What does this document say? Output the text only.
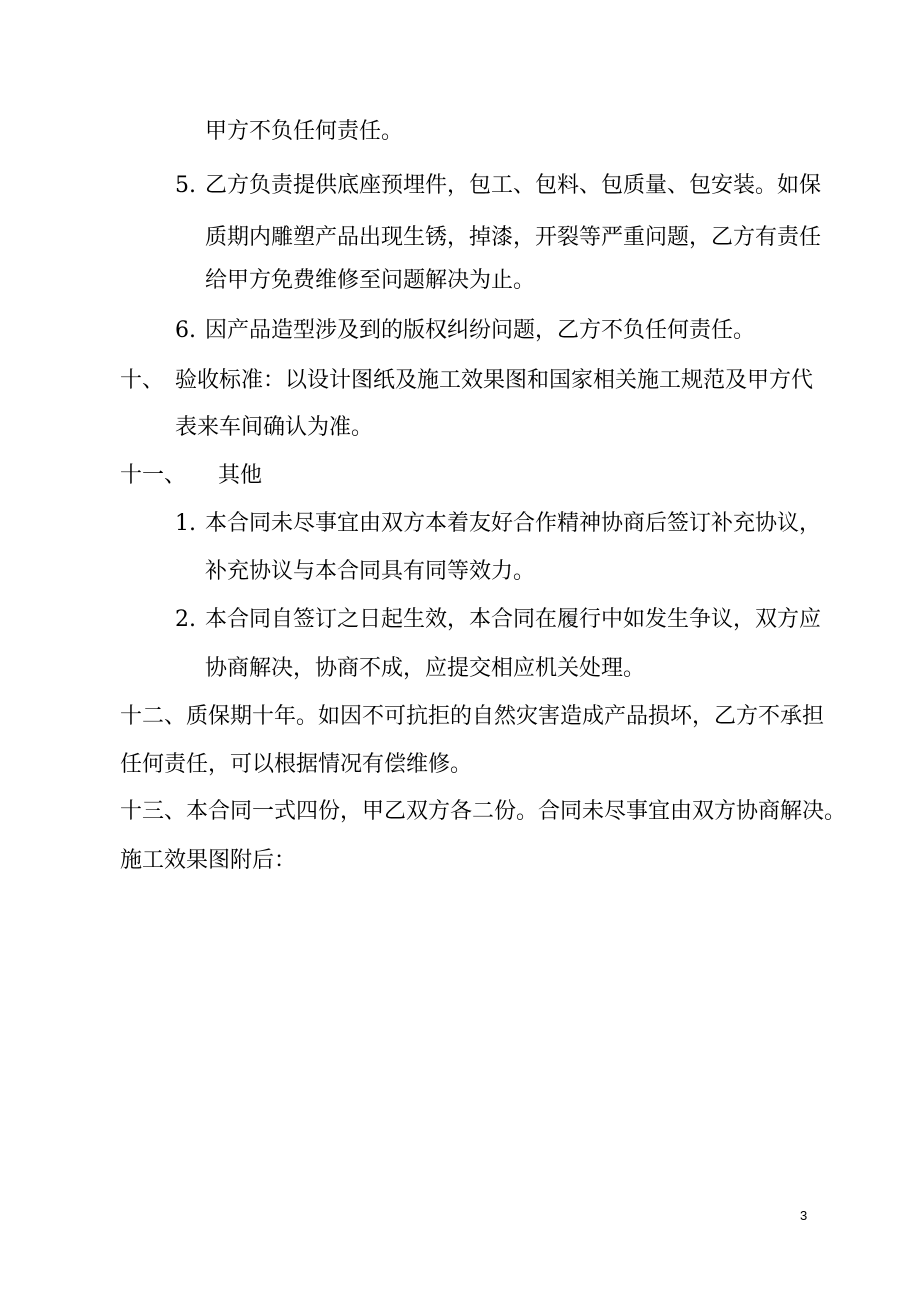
甲方不负任何责任。
5. 乙方负责提供底座预埋件，包工、包料、包质量、包安装。如保
质期内雕塑产品出现生锈，掉漆，开裂等严重问题，乙方有责任
给甲方免费维修至问题解决为止。
6. 因产品造型涉及到的版权纠纷问题，乙方不负任何责任。
十、 验收标准：以设计图纸及施工效果图和国家相关施工规范及甲方代
表来车间确认为准。
十一、 其他
1. 本合同未尽事宜由双方本着友好合作精神协商后签订补充协议，
补充协议与本合同具有同等效力。
2. 本合同自签订之日起生效，本合同在履行中如发生争议，双方应
协商解决，协商不成，应提交相应机关处理。
十二、质保期十年。如因不可抗拒的自然灾害造成产品损坏，乙方不承担
任何责任，可以根据情况有偿维修。
十三、本合同一式四份，甲乙双方各二份。合同未尽事宜由双方协商解决。
施工效果图附后：
3
